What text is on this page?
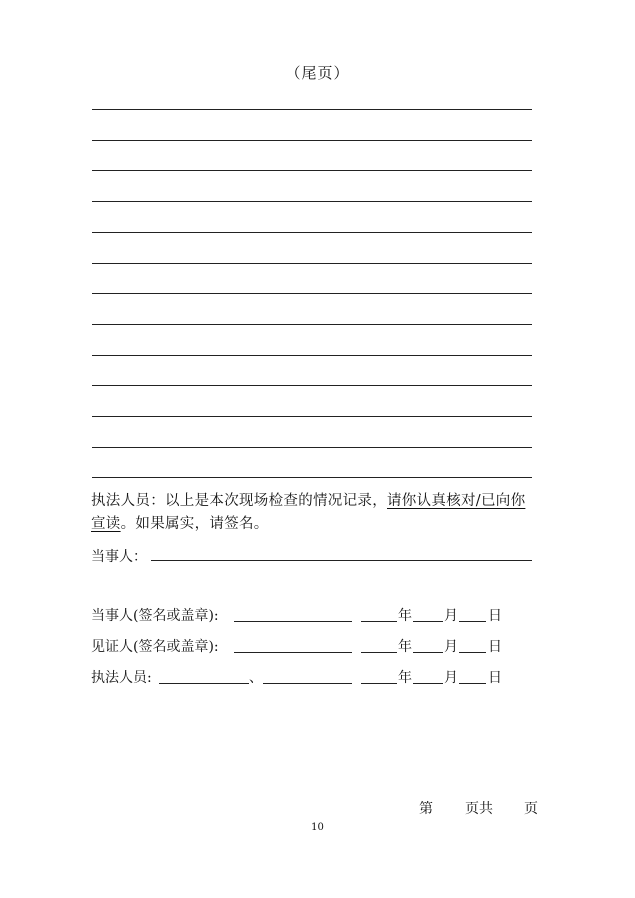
（尾页）
执法人员：以上是本次现场检查的情况记录，请你认真核对/已向你
宣读。如果属实，请签名。
当事人：
当事人(签名或盖章):	年 月 日
见证人(签名或盖章):	年 月 日
执法人员:	、	年 月 日
第 页共 页
10
